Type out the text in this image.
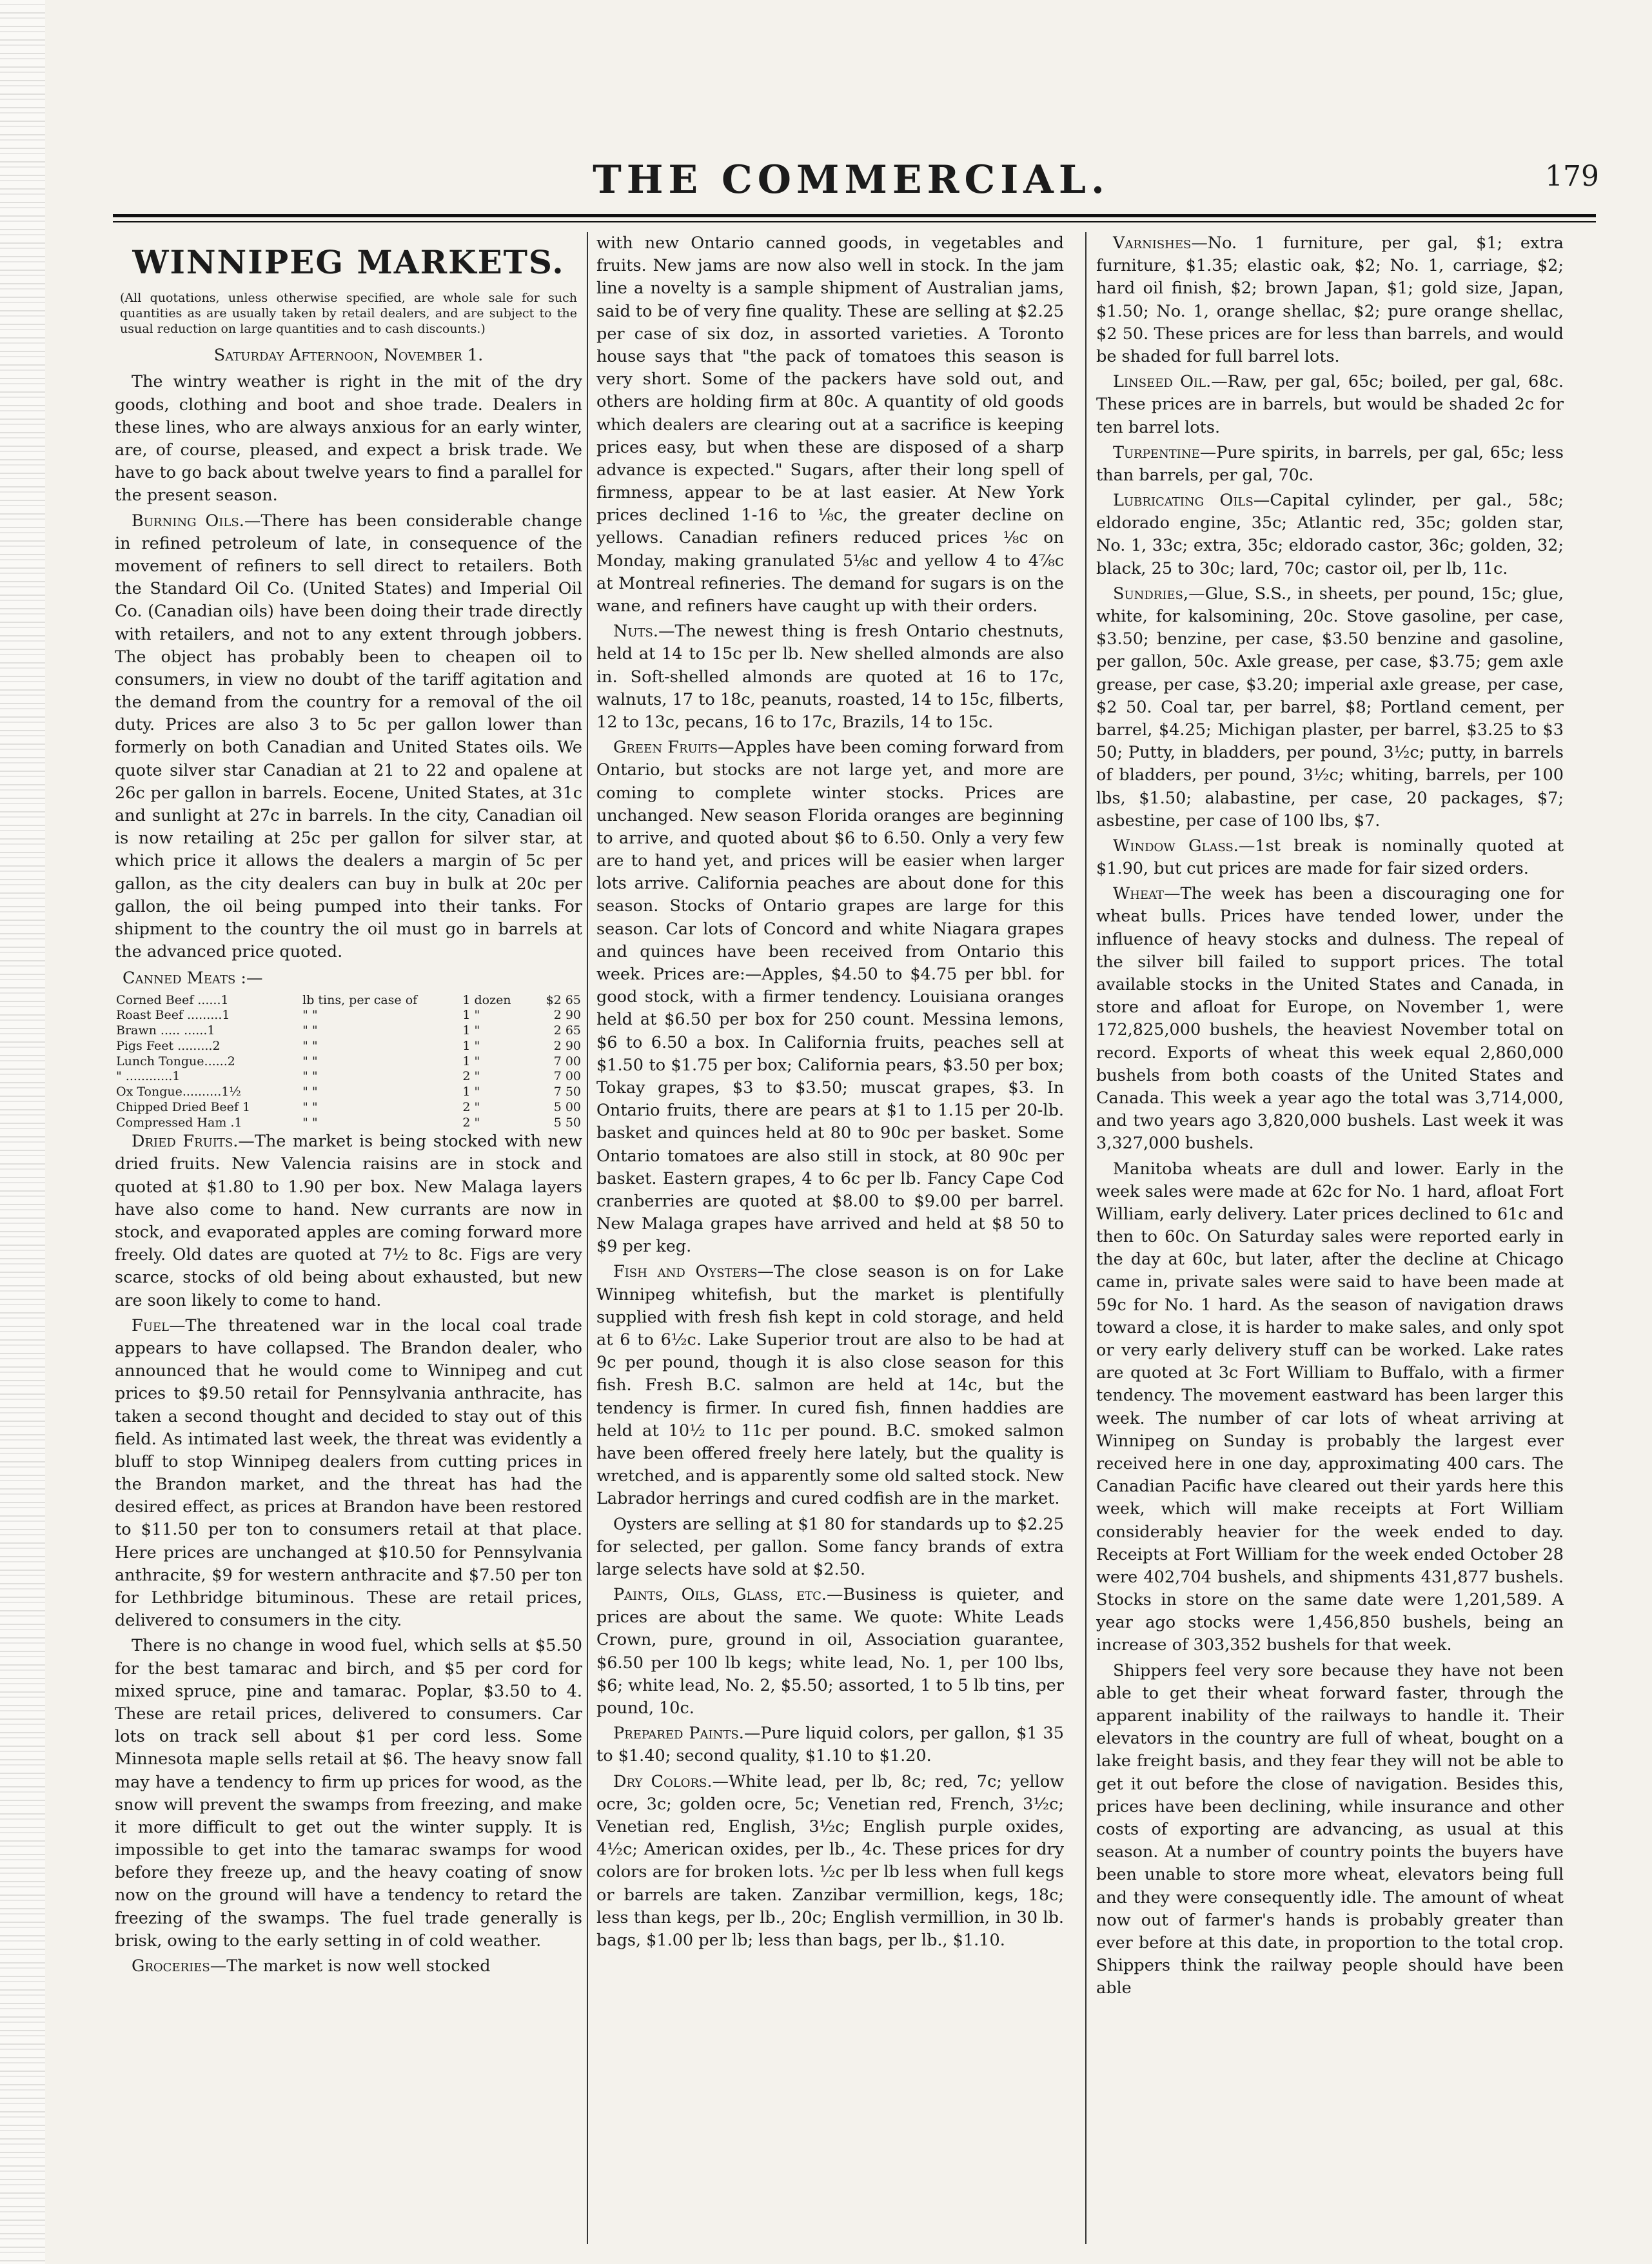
THE COMMERCIAL.	179
WINNIPEG MARKETS.
(All quotations, unless otherwise specified, are whole sale for such quantities as are usually taken by retail dealers, and are subject to the usual reduction on large quantities and to cash discounts.)
Saturday Afternoon, November 1.

The wintry weather is right in the mit of the dry goods, clothing and boot and shoe trade. Dealers in these lines, who are always anxious for an early winter, are, of course, pleased, and expect a brisk trade. We have to go back about twelve years to find a parallel for the present season.

Burning Oils.—There has been considerable change in refined petroleum of late, in consequence of the movement of refiners to sell direct to retailers. Both the Standard Oil Co. (United States) and Imperial Oil Co. (Canadian oils) have been doing their trade directly with retailers, and not to any extent through jobbers. The object has probably been to cheapen oil to consumers, in view no doubt of the tariff agitation and the demand from the country for a removal of the oil duty. Prices are also 3 to 5c per gallon lower than formerly on both Canadian and United States oils. We quote silver star Canadian at 21 to 22 and opalene at 26c per gallon in barrels. Eocene, United States, at 31c and sunlight at 27c in barrels. In the city, Canadian oil is now retailing at 25c per gallon for silver star, at which price it allows the dealers a margin of 5c per gallon, as the city dealers can buy in bulk at 20c per gallon, the oil being pumped into their tanks. For shipment to the country the oil must go in barrels at the advanced price quoted.

Canned Meats :—
Corned Beef ......1	lb tins, per case of	1 dozen	$2 65
Roast Beef .........1	" "	1 "	2 90
Brawn ..... ......1	" "	1 "	2 65
Pigs Feet .........2	" "	1 "	2 90
Lunch Tongue......2	" "	1 "	7 00
" ............1	" "	2 "	7 00
Ox Tongue..........1½	" "	1 "	7 50
Chipped Dried Beef 1	" "	2 "	5 00
Compressed Ham .1	" "	2 "	5 50

Dried Fruits.—The market is being stocked with new dried fruits. New Valencia raisins are in stock and quoted at $1.80 to 1.90 per box. New Malaga layers have also come to hand. New currants are now in stock, and evaporated apples are coming forward more freely. Old dates are quoted at 7½ to 8c. Figs are very scarce, stocks of old being about exhausted, but new are soon likely to come to hand.

Fuel—The threatened war in the local coal trade appears to have collapsed. The Brandon dealer, who announced that he would come to Winnipeg and cut prices to $9.50 retail for Pennsylvania anthracite, has taken a second thought and decided to stay out of this field. As intimated last week, the threat was evidently a bluff to stop Winnipeg dealers from cutting prices in the Brandon market, and the threat has had the desired effect, as prices at Brandon have been restored to $11.50 per ton to consumers retail at that place. Here prices are unchanged at $10.50 for Pennsylvania anthracite, $9 for western anthracite and $7.50 per ton for Lethbridge bituminous. These are retail prices, delivered to consumers in the city.

There is no change in wood fuel, which sells at $5.50 for the best tamarac and birch, and $5 per cord for mixed spruce, pine and tamarac. Poplar, $3.50 to 4. These are retail prices, delivered to consumers. Car lots on track sell about $1 per cord less. Some Minnesota maple sells retail at $6. The heavy snow fall may have a tendency to firm up prices for wood, as the snow will prevent the swamps from freezing, and make it more difficult to get out the winter supply. It is impossible to get into the tamarac swamps for wood before they freeze up, and the heavy coating of snow now on the ground will have a tendency to retard the freezing of the swamps. The fuel trade generally is brisk, owing to the early setting in of cold weather.

Groceries—The market is now well stocked

with new Ontario canned goods, in vegetables and fruits. New jams are now also well in stock. In the jam line a novelty is a sample shipment of Australian jams, said to be of very fine quality. These are selling at $2.25 per case of six doz, in assorted varieties. A Toronto house says that "the pack of tomatoes this season is very short. Some of the packers have sold out, and others are holding firm at 80c. A quantity of old goods which dealers are clearing out at a sacrifice is keeping prices easy, but when these are disposed of a sharp advance is expected." Sugars, after their long spell of firmness, appear to be at last easier. At New York prices declined 1-16 to ⅛c, the greater decline on yellows. Canadian refiners reduced prices ⅛c on Monday, making granulated 5⅛c and yellow 4 to 4⅞c at Montreal refineries. The demand for sugars is on the wane, and refiners have caught up with their orders.

Nuts.—The newest thing is fresh Ontario chestnuts, held at 14 to 15c per lb. New shelled almonds are also in. Soft-shelled almonds are quoted at 16 to 17c, walnuts, 17 to 18c, peanuts, roasted, 14 to 15c, filberts, 12 to 13c, pecans, 16 to 17c, Brazils, 14 to 15c.

Green Fruits—Apples have been coming forward from Ontario, but stocks are not large yet, and more are coming to complete winter stocks. Prices are unchanged. New season Florida oranges are beginning to arrive, and quoted about $6 to 6.50. Only a very few are to hand yet, and prices will be easier when larger lots arrive. California peaches are about done for this season. Stocks of Ontario grapes are large for this season. Car lots of Concord and white Niagara grapes and quinces have been received from Ontario this week. Prices are:—Apples, $4.50 to $4.75 per bbl. for good stock, with a firmer tendency. Louisiana oranges held at $6.50 per box for 250 count. Messina lemons, $6 to 6.50 a box. In California fruits, peaches sell at $1.50 to $1.75 per box; California pears, $3.50 per box; Tokay grapes, $3 to $3.50; muscat grapes, $3. In Ontario fruits, there are pears at $1 to 1.15 per 20-lb. basket and quinces held at 80 to 90c per basket. Some Ontario tomatoes are also still in stock, at 80 90c per basket. Eastern grapes, 4 to 6c per lb. Fancy Cape Cod cranberries are quoted at $8.00 to $9.00 per barrel. New Malaga grapes have arrived and held at $8 50 to $9 per keg.

Fish and Oysters—The close season is on for Lake Winnipeg whitefish, but the market is plentifully supplied with fresh fish kept in cold storage, and held at 6 to 6½c. Lake Superior trout are also to be had at 9c per pound, though it is also close season for this fish. Fresh B.C. salmon are held at 14c, but the tendency is firmer. In cured fish, finnen haddies are held at 10½ to 11c per pound. B.C. smoked salmon have been offered freely here lately, but the quality is wretched, and is apparently some old salted stock. New Labrador herrings and cured codfish are in the market.

Oysters are selling at $1 80 for standards up to $2.25 for selected, per gallon. Some fancy brands of extra large selects have sold at $2.50.

Paints, Oils, Glass, etc.—Business is quieter, and prices are about the same. We quote: White Leads Crown, pure, ground in oil, Association guarantee, $6.50 per 100 lb kegs; white lead, No. 1, per 100 lbs, $6; white lead, No. 2, $5.50; assorted, 1 to 5 lb tins, per pound, 10c.

Prepared Paints.—Pure liquid colors, per gallon, $1 35 to $1.40; second quality, $1.10 to $1.20.

Dry Colors.—White lead, per lb, 8c; red, 7c; yellow ocre, 3c; golden ocre, 5c; Venetian red, French, 3½c; Venetian red, English, 3½c; English purple oxides, 4½c; American oxides, per lb., 4c. These prices for dry colors are for broken lots. ½c per lb less when full kegs or barrels are taken. Zanzibar vermillion, kegs, 18c; less than kegs, per lb., 20c; English vermillion, in 30 lb. bags, $1.00 per lb; less than bags, per lb., $1.10.

Varnishes—No. 1 furniture, per gal, $1; extra furniture, $1.35; elastic oak, $2; No. 1, carriage, $2; hard oil finish, $2; brown Japan, $1; gold size, Japan, $1.50; No. 1, orange shellac, $2; pure orange shellac, $2 50. These prices are for less than barrels, and would be shaded for full barrel lots.

Linseed Oil.—Raw, per gal, 65c; boiled, per gal, 68c. These prices are in barrels, but would be shaded 2c for ten barrel lots.

Turpentine—Pure spirits, in barrels, per gal, 65c; less than barrels, per gal, 70c.

Lubricating Oils—Capital cylinder, per gal., 58c; eldorado engine, 35c; Atlantic red, 35c; golden star, No. 1, 33c; extra, 35c; eldorado castor, 36c; golden, 32; black, 25 to 30c; lard, 70c; castor oil, per lb, 11c.

Sundries,—Glue, S.S., in sheets, per pound, 15c; glue, white, for kalsomining, 20c. Stove gasoline, per case, $3.50; benzine, per case, $3.50 benzine and gasoline, per gallon, 50c. Axle grease, per case, $3.75; gem axle grease, per case, $3.20; imperial axle grease, per case, $2 50. Coal tar, per barrel, $8; Portland cement, per barrel, $4.25; Michigan plaster, per barrel, $3.25 to $3 50; Putty, in bladders, per pound, 3½c; putty, in barrels of bladders, per pound, 3½c; whiting, barrels, per 100 lbs, $1.50; alabastine, per case, 20 packages, $7; asbestine, per case of 100 lbs, $7.

Window Glass.—1st break is nominally quoted at $1.90, but cut prices are made for fair sized orders.

Wheat—The week has been a discouraging one for wheat bulls. Prices have tended lower, under the influence of heavy stocks and dulness. The repeal of the silver bill failed to support prices. The total available stocks in the United States and Canada, in store and afloat for Europe, on November 1, were 172,825,000 bushels, the heaviest November total on record. Exports of wheat this week equal 2,860,000 bushels from both coasts of the United States and Canada. This week a year ago the total was 3,714,000, and two years ago 3,820,000 bushels. Last week it was 3,327,000 bushels.

Manitoba wheats are dull and lower. Early in the week sales were made at 62c for No. 1 hard, afloat Fort William, early delivery. Later prices declined to 61c and then to 60c. On Saturday sales were reported early in the day at 60c, but later, after the decline at Chicago came in, private sales were said to have been made at 59c for No. 1 hard. As the season of navigation draws toward a close, it is harder to make sales, and only spot or very early delivery stuff can be worked. Lake rates are quoted at 3c Fort William to Buffalo, with a firmer tendency. The movement eastward has been larger this week. The number of car lots of wheat arriving at Winnipeg on Sunday is probably the largest ever received here in one day, approximating 400 cars. The Canadian Pacific have cleared out their yards here this week, which will make receipts at Fort William considerably heavier for the week ended to day. Receipts at Fort William for the week ended October 28 were 402,704 bushels, and shipments 431,877 bushels. Stocks in store on the same date were 1,201,589. A year ago stocks were 1,456,850 bushels, being an increase of 303,352 bushels for that week.

Shippers feel very sore because they have not been able to get their wheat forward faster, through the apparent inability of the railways to handle it. Their elevators in the country are full of wheat, bought on a lake freight basis, and they fear they will not be able to get it out before the close of navigation. Besides this, prices have been declining, while insurance and other costs of exporting are advancing, as usual at this season. At a number of country points the buyers have been unable to store more wheat, elevators being full and they were consequently idle. The amount of wheat now out of farmer's hands is probably greater than ever before at this date, in proportion to the total crop. Shippers think the railway people should have been able
